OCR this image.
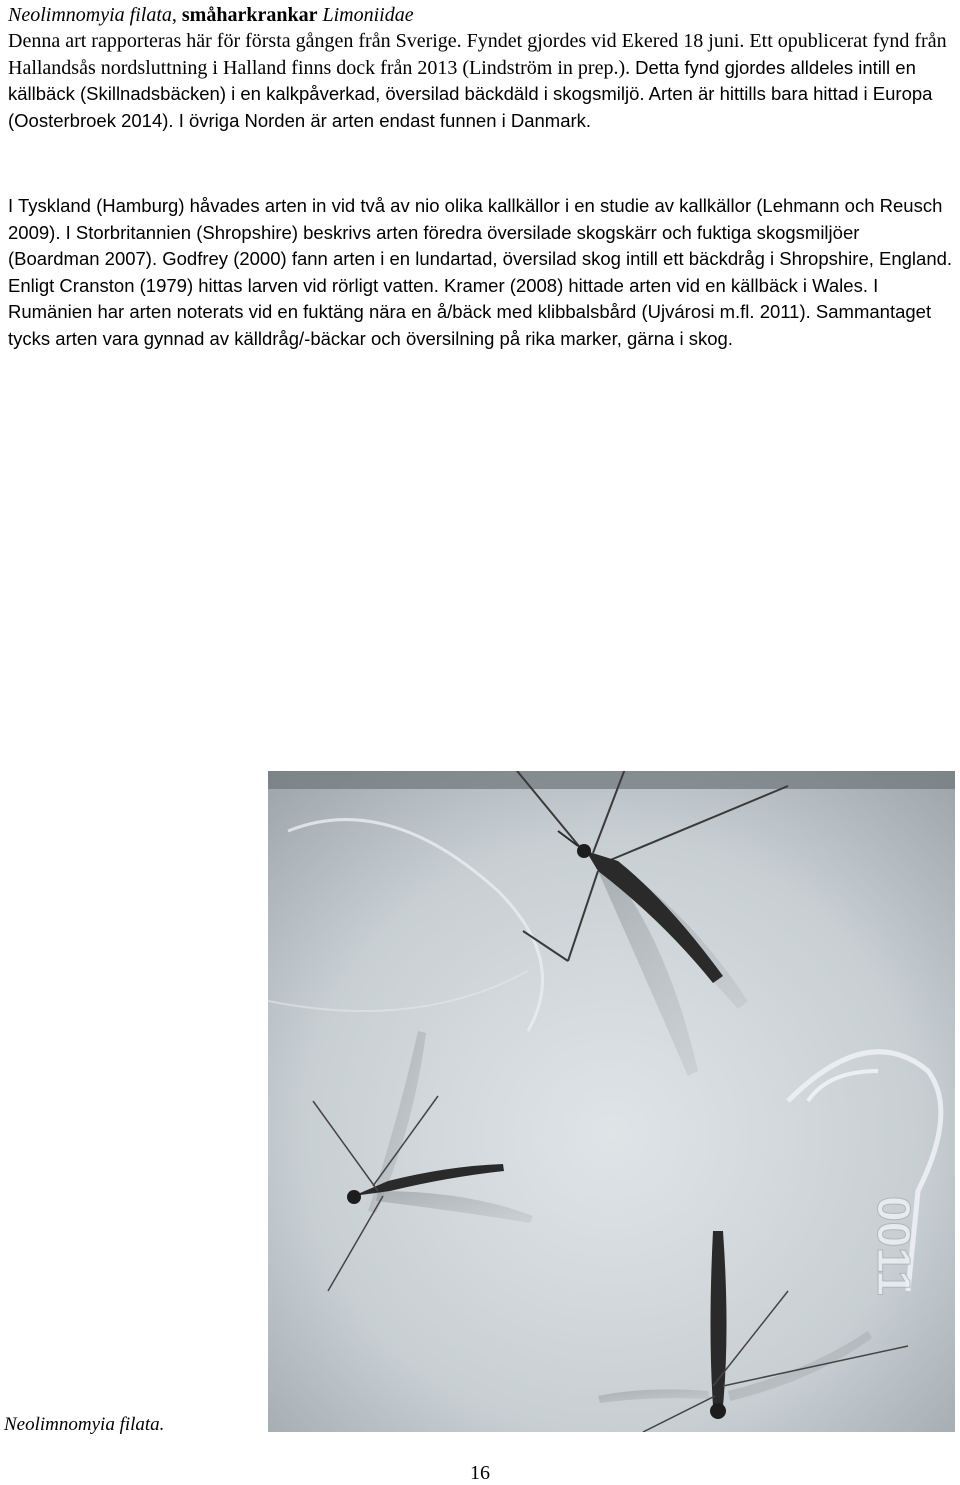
Neolimnomyia filata, småharkrankar Limoniidae

Denna art rapporteras här för första gången från Sverige. Fyndet gjordes vid Ekered 18 juni. Ett opublicerat fynd från Hallandsås nordsluttning i Halland finns dock från 2013 (Lindström in prep.). Detta fynd gjordes alldeles intill en källbäck (Skillnadsbäcken) i en kalkpåverkad, översilad bäckdäld i skogsmiljö. Arten är hittills bara hittad i Europa (Oosterbroek 2014). I övriga Norden är arten endast funnen i Danmark.

I Tyskland (Hamburg) håvades arten in vid två av nio olika kallkällor i en studie av kallkällor (Lehmann och Reusch 2009). I Storbritannien (Shropshire) beskrivs arten föredra översilade skogskärr och fuktiga skogsmiljöer (Boardman 2007). Godfrey (2000) fann arten i en lundartad, översilad skog intill ett bäckdråg i Shropshire, England. Enligt Cranston (1979) hittas larven vid rörligt vatten. Kramer (2008) hittade arten vid en källbäck i Wales. I Rumänien har arten noterats vid en fuktäng nära en å/bäck med klibbalsbård (Ujvárosi m.fl. 2011). Sammantaget tycks arten vara gynnad av källdråg/-bäckar och översilning på rika marker, gärna i skog.

0011
Neolimnomyia filata.
16
